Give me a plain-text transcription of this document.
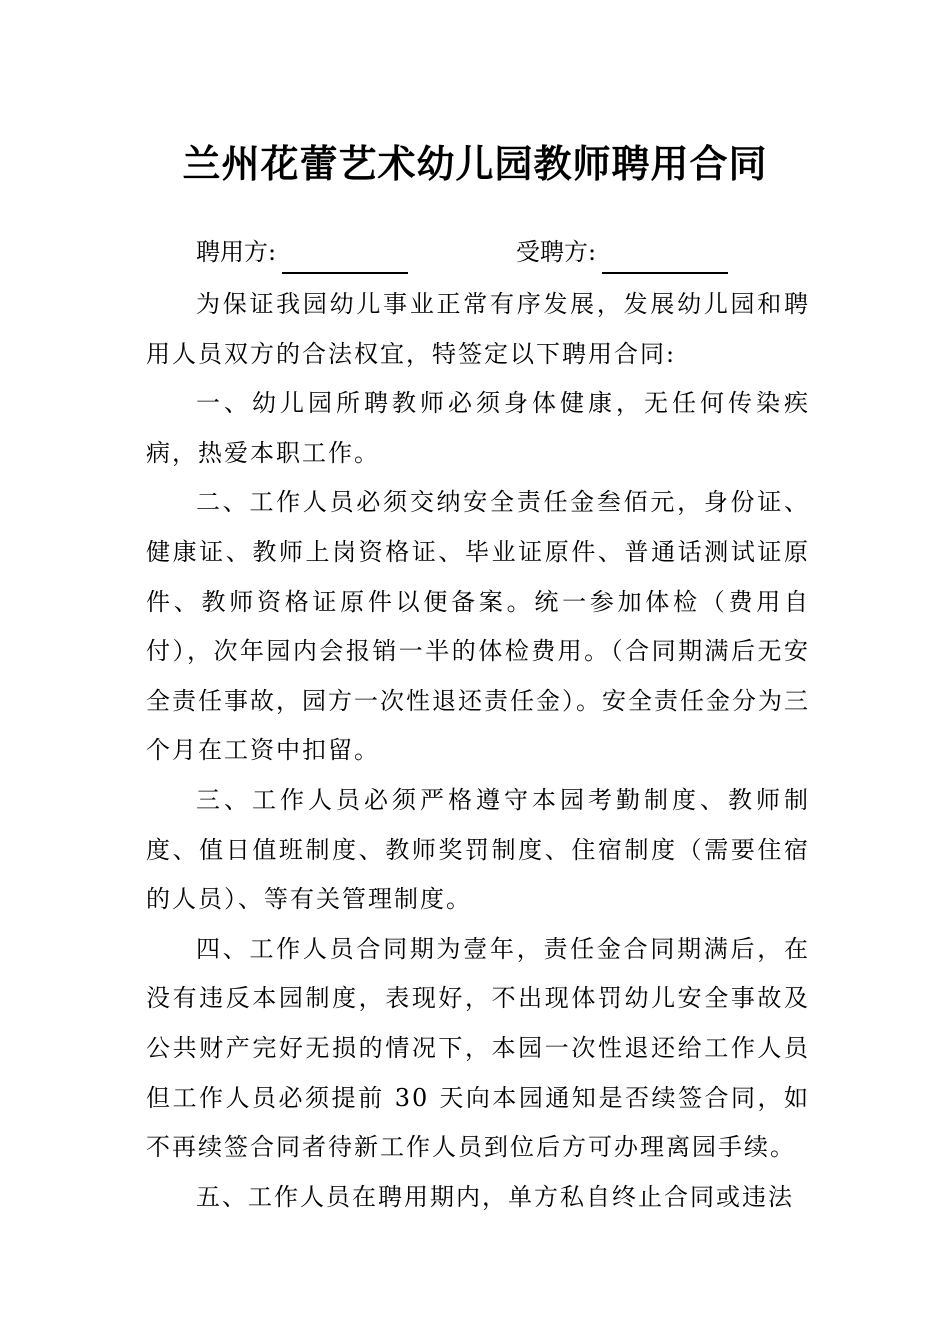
兰州花蕾艺术幼儿园教师聘用合同
聘用方:	受聘方:

为保证我园幼儿事业正常有序发展，发展幼儿园和聘用人员双方的合法权宜，特签定以下聘用合同:

一、幼儿园所聘教师必须身体健康，无任何传染疾病，热爱本职工作。

二、工作人员必须交纳安全责任金叁佰元，身份证、健康证、教师上岗资格证、毕业证原件、普通话测试证原件、教师资格证原件以便备案。统一参加体检（费用自付），次年园内会报销一半的体检费用。（合同期满后无安全责任事故，园方一次性退还责任金）。安全责任金分为三个月在工资中扣留。

三、工作人员必须严格遵守本园考勤制度、教师制度、值日值班制度、教师奖罚制度、住宿制度（需要住宿的人员）、等有关管理制度。

四、工作人员合同期为壹年，责任金合同期满后，在没有违反本园制度，表现好，不出现体罚幼儿安全事故及公共财产完好无损的情况下，本园一次性退还给工作人员但工作人员必须提前 30 天向本园通知是否续签合同，如不再续签合同者待新工作人员到位后方可办理离园手续。

五、工作人员在聘用期内，单方私自终止合同或违法
